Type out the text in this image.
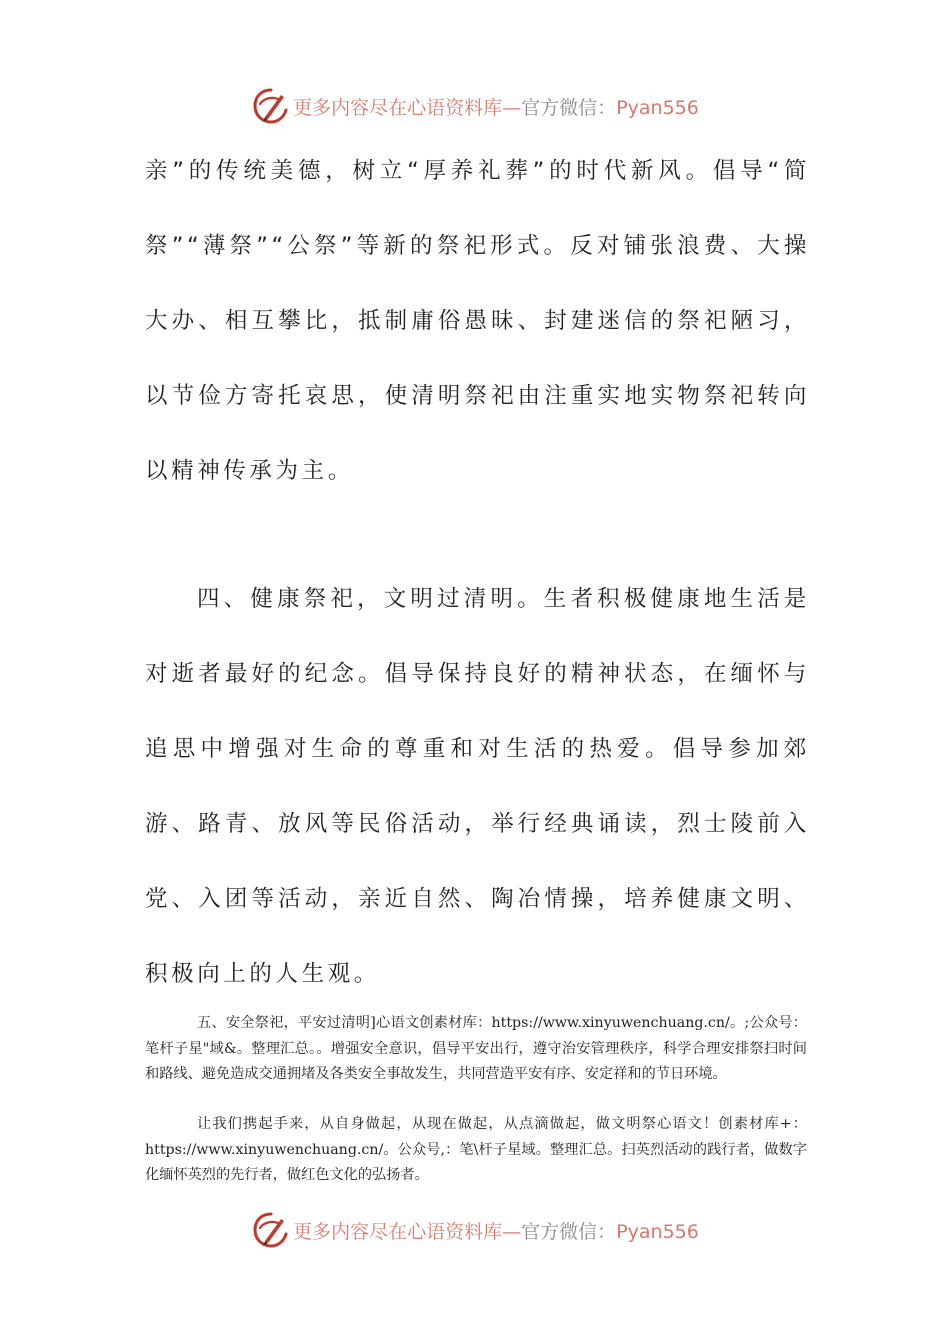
更多内容尽在心语资料库—官方微信：Pyan556

亲”的传统美德，树立“厚养礼葬”的时代新风。倡导“简祭”“薄祭”“公祭”等新的祭祀形式。反对铺张浪费、大操大办、相互攀比，抵制庸俗愚昧、封建迷信的祭祀陋习，以节俭方寄托哀思，使清明祭祀由注重实地实物祭祀转向以精神传承为主。

四、健康祭祀，文明过清明。生者积极健康地生活是对逝者最好的纪念。倡导保持良好的精神状态，在缅怀与追思中增强对生命的尊重和对生活的热爱。倡导参加郊游、路青、放风等民俗活动，举行经典诵读，烈士陵前入党、入团等活动，亲近自然、陶冶情操，培养健康文明、积极向上的人生观。

五、安全祭祀，平安过清明]心语文创素材库：https://www.xinyuwenchuang.cn/。;公众号：笔杆子星"域&。整理汇总。。增强安全意识，倡导平安出行，遵守治安管理秩序，科学合理安排祭扫时间和路线、避免造成交通拥堵及各类安全事故发生，共同营造平安有序、安定祥和的节日环境。

让我们携起手来，从自身做起，从现在做起，从点滴做起，做文明祭心语文！创素材库+：https://www.xinyuwenchuang.cn/。公众号,：笔\杆子星域。整理汇总。扫英烈活动的践行者，做数字化缅怀英烈的先行者，做红色文化的弘扬者。

更多内容尽在心语资料库—官方微信：Pyan556
